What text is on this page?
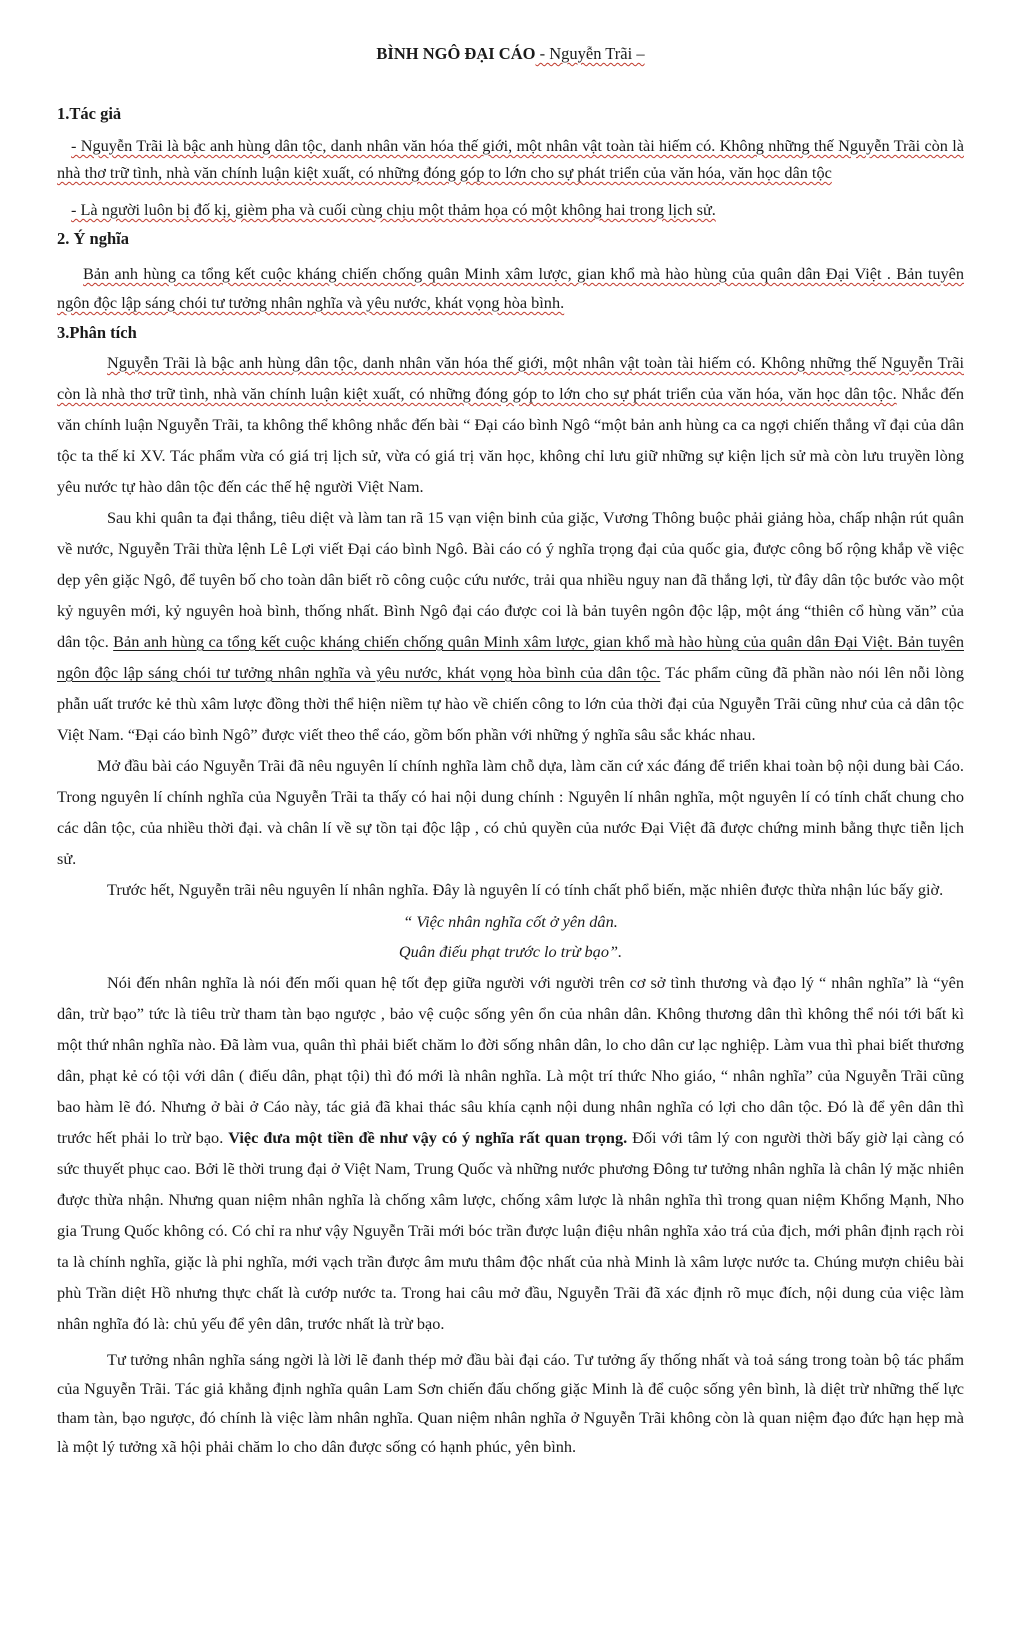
BÌNH NGÔ ĐẠI CÁO - Nguyễn Trãi –
1.Tác giả

- Nguyễn Trãi là bậc anh hùng dân tộc, danh nhân văn hóa thế giới, một nhân vật toàn tài hiếm có. Không những thế Nguyễn Trãi còn là nhà thơ trữ tình, nhà văn chính luận kiệt xuất, có những đóng góp to lớn cho sự phát triển của văn hóa, văn học dân tộc

- Là người luôn bị đố kị, gièm pha và cuối cùng chịu một thảm họa có một không hai trong lịch sử.

2. Ý nghĩa

Bản anh hùng ca tổng kết cuộc kháng chiến chống quân Minh xâm lược, gian khổ mà hào hùng của quân dân Đại Việt . Bản tuyên ngôn độc lập sáng chói tư tưởng nhân nghĩa và yêu nước, khát vọng hòa bình.

3.Phân tích

Nguyễn Trãi là bậc anh hùng dân tộc, danh nhân văn hóa thế giới, một nhân vật toàn tài hiếm có. Không những thế Nguyễn Trãi còn là nhà thơ trữ tình, nhà văn chính luận kiệt xuất, có những đóng góp to lớn cho sự phát triển của văn hóa, văn học dân tộc. Nhắc đến văn chính luận Nguyễn Trãi, ta không thể không nhắc đến bài “ Đại cáo bình Ngô “một bản anh hùng ca ca ngợi chiến thắng vĩ đại của dân tộc ta thế kỉ XV. Tác phẩm vừa có giá trị lịch sử, vừa có giá trị văn học, không chỉ lưu giữ những sự kiện lịch sử mà còn lưu truyền lòng yêu nước tự hào dân tộc đến các thế hệ người Việt Nam.

Sau khi quân ta đại thắng, tiêu diệt và làm tan rã 15 vạn viện binh của giặc, Vương Thông buộc phải giảng hòa, chấp nhận rút quân về nước, Nguyễn Trãi thừa lệnh Lê Lợi viết Đại cáo bình Ngô. Bài cáo có ý nghĩa trọng đại của quốc gia, được công bố rộng khắp về việc dẹp yên giặc Ngô, để tuyên bố cho toàn dân biết rõ công cuộc cứu nước, trải qua nhiều nguy nan đã thắng lợi, từ đây dân tộc bước vào một kỷ nguyên mới, kỷ nguyên hoà bình, thống nhất. Bình Ngô đại cáo được coi là bản tuyên ngôn độc lập, một áng “thiên cổ hùng văn” của dân tộc. Bản anh hùng ca tổng kết cuộc kháng chiến chống quân Minh xâm lược, gian khổ mà hào hùng của quân dân Đại Việt. Bản tuyên ngôn độc lập sáng chói tư tưởng nhân nghĩa và yêu nước, khát vọng hòa bình của dân tộc. Tác phẩm cũng đã phần nào nói lên nỗi lòng phẫn uất trước kẻ thù xâm lược đồng thời thể hiện niềm tự hào về chiến công to lớn của thời đại của Nguyễn Trãi cũng như của cả dân tộc Việt Nam. “Đại cáo bình Ngô” được viết theo thể cáo, gồm bốn phần với những ý nghĩa sâu sắc khác nhau.

Mở đầu bài cáo Nguyễn Trãi đã nêu nguyên lí chính nghĩa làm chỗ dựa, làm căn cứ xác đáng để triển khai toàn bộ nội dung bài Cáo. Trong nguyên lí chính nghĩa của Nguyễn Trãi ta thấy có hai nội dung chính : Nguyên lí nhân nghĩa, một nguyên lí có tính chất chung cho các dân tộc, của nhiều thời đại. và chân lí về sự tồn tại độc lập , có chủ quyền của nước Đại Việt đã được chứng minh bằng thực tiễn lịch sử.

Trước hết, Nguyễn trãi nêu nguyên lí nhân nghĩa. Đây là nguyên lí có tính chất phổ biến, mặc nhiên được thừa nhận lúc bấy giờ.

“ Việc nhân nghĩa cốt ở yên dân.

Quân điếu phạt trước lo trừ bạo”.

Nói đến nhân nghĩa là nói đến mối quan hệ tốt đẹp giữa người với người trên cơ sở tình thương và đạo lý “ nhân nghĩa” là “yên dân, trừ bạo” tức là tiêu trừ tham tàn bạo ngược , bảo vệ cuộc sống yên ổn của nhân dân. Không thương dân thì không thể nói tới bất kì một thứ nhân nghĩa nào. Đã làm vua, quân thì phải biết chăm lo đời sống nhân dân, lo cho dân cư lạc nghiệp. Làm vua thì phai biết thương dân, phạt kẻ có tội với dân ( điếu dân, phạt tội) thì đó mới là nhân nghĩa. Là một trí thức Nho giáo, “ nhân nghĩa” của Nguyễn Trãi cũng bao hàm lẽ đó. Nhưng ở bài ở Cáo này, tác giả đã khai thác sâu khía cạnh nội dung nhân nghĩa có lợi cho dân tộc. Đó là để yên dân thì trước hết phải lo trừ bạo. Việc đưa một tiền đề như vậy có ý nghĩa rất quan trọng. Đối với tâm lý con người thời bấy giờ lại càng có sức thuyết phục cao. Bởi lẽ thời trung đại ở Việt Nam, Trung Quốc và những nước phương Đông tư tưởng nhân nghĩa là chân lý mặc nhiên được thừa nhận. Nhưng quan niệm nhân nghĩa là chống xâm lược, chống xâm lược là nhân nghĩa thì trong quan niệm Khổng Mạnh, Nho gia Trung Quốc không có. Có chỉ ra như vậy Nguyễn Trãi mới bóc trần được luận điệu nhân nghĩa xảo trá của địch, mới phân định rạch ròi ta là chính nghĩa, giặc là phi nghĩa, mới vạch trần được âm mưu thâm độc nhất của nhà Minh là xâm lược nước ta. Chúng mượn chiêu bài phù Trần diệt Hồ nhưng thực chất là cướp nước ta. Trong hai câu mở đầu, Nguyễn Trãi đã xác định rõ mục đích, nội dung của việc làm nhân nghĩa đó là: chủ yếu để yên dân, trước nhất là trừ bạo.

Tư tưởng nhân nghĩa sáng ngời là lời lẽ đanh thép mở đầu bài đại cáo. Tư tưởng ấy thống nhất và toả sáng trong toàn bộ tác phẩm của Nguyễn Trãi. Tác giả khẳng định nghĩa quân Lam Sơn chiến đấu chống giặc Minh là để cuộc sống yên bình, là diệt trừ những thế lực tham tàn, bạo ngược, đó chính là việc làm nhân nghĩa. Quan niệm nhân nghĩa ở Nguyễn Trãi không còn là quan niệm đạo đức hạn hẹp mà là một lý tưởng xã hội phải chăm lo cho dân được sống có hạnh phúc, yên bình.
